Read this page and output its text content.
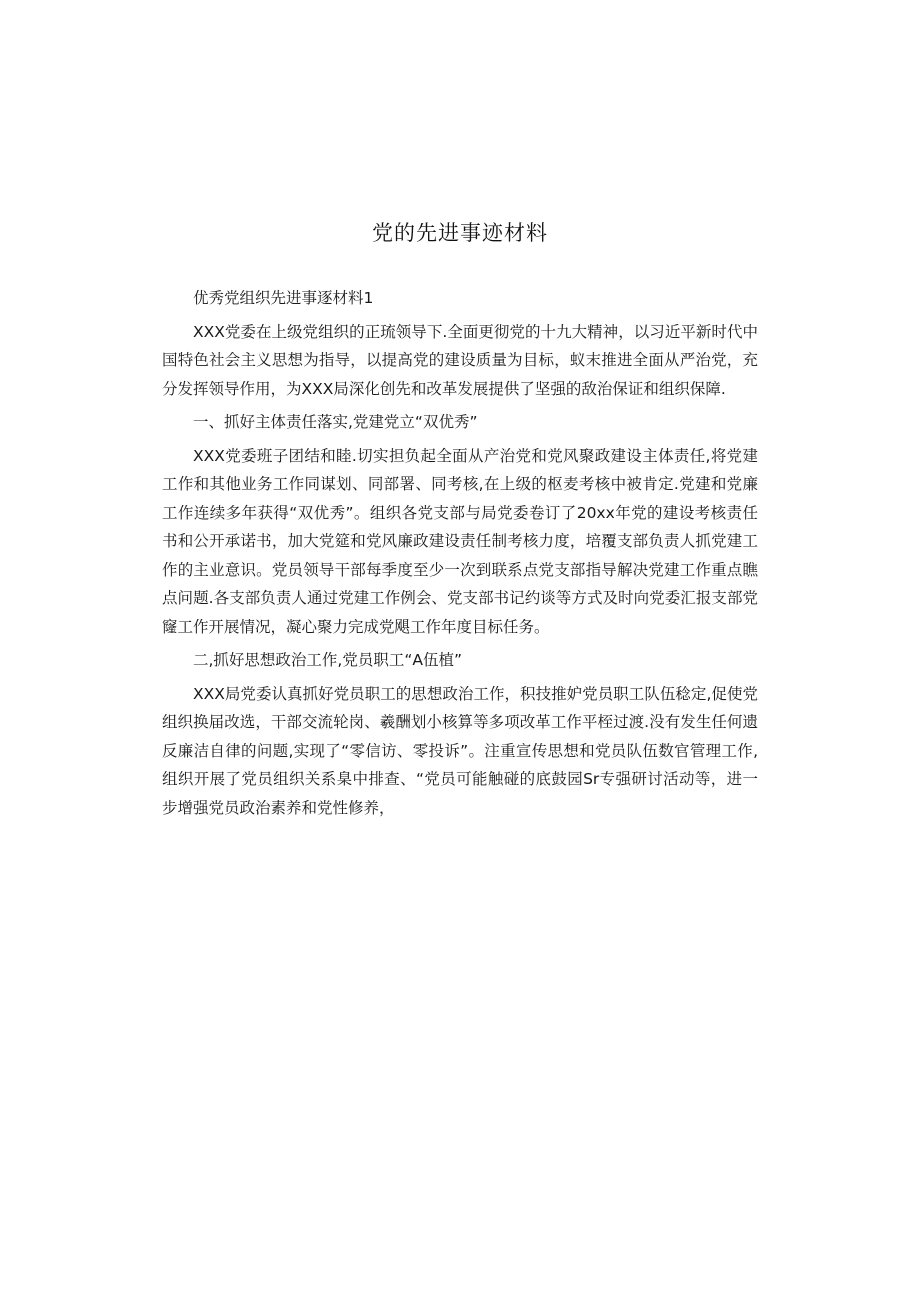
党的先进事迹材料

优秀党组织先进事逐材料1

XXX党委在上级党组织的正琉领导下.全面更彻党的十九大精神，以习近平新时代中国特色社会主义思想为指导，以提高党的建设质量为目标，蚁末推进全面从严治党，充分发挥领导作用，为XXX局深化创先和改革发展提供了坚强的敌治保证和组织保障.

一、抓好主体责任落实,党建党立“双优秀”

XXX党委班子团结和睦.切实担负起全面从产治党和党风聚政建设主体责任,将党建工作和其他业务工作同谋划、同部署、同考核,在上级的枢麦考核中被肯定.党建和党廉工作连续多年获得“双优秀”。组织各党支部与局党委卷订了20xx年党的建设考核责任书和公开承诺书，加大党筵和党风廉政建设责任制考核力度，培覆支部负责人抓党建工作的主业意识。党员领导干部每季度至少一次到联系点党支部指导解决党建工作重点瞧点问题.各支部负责人通过党建工作例会、党支部书记约谈等方式及时向党委汇报支部党窿工作开展情况，凝心聚力完成党飓工作年度目标任务。

二,抓好思想政治工作,党员职工“A伍植”

XXX局党委认真抓好党员职工的思想政治工作，积技推妒党员职工队伍稔定,促使党组织换届改选，干部交流轮岗、羲酬划小核算等多项改革工作平桎过渡.没有发生任何遗反廉洁自律的问题,实现了“零信访、零投诉”。注重宣传思想和党员队伍数官管理工作,组织开展了党员组织关系臬中排查、“党员可能触碰的底鼓园Sr专强研讨活动等，进一步增强党员政治素养和党性修养，
